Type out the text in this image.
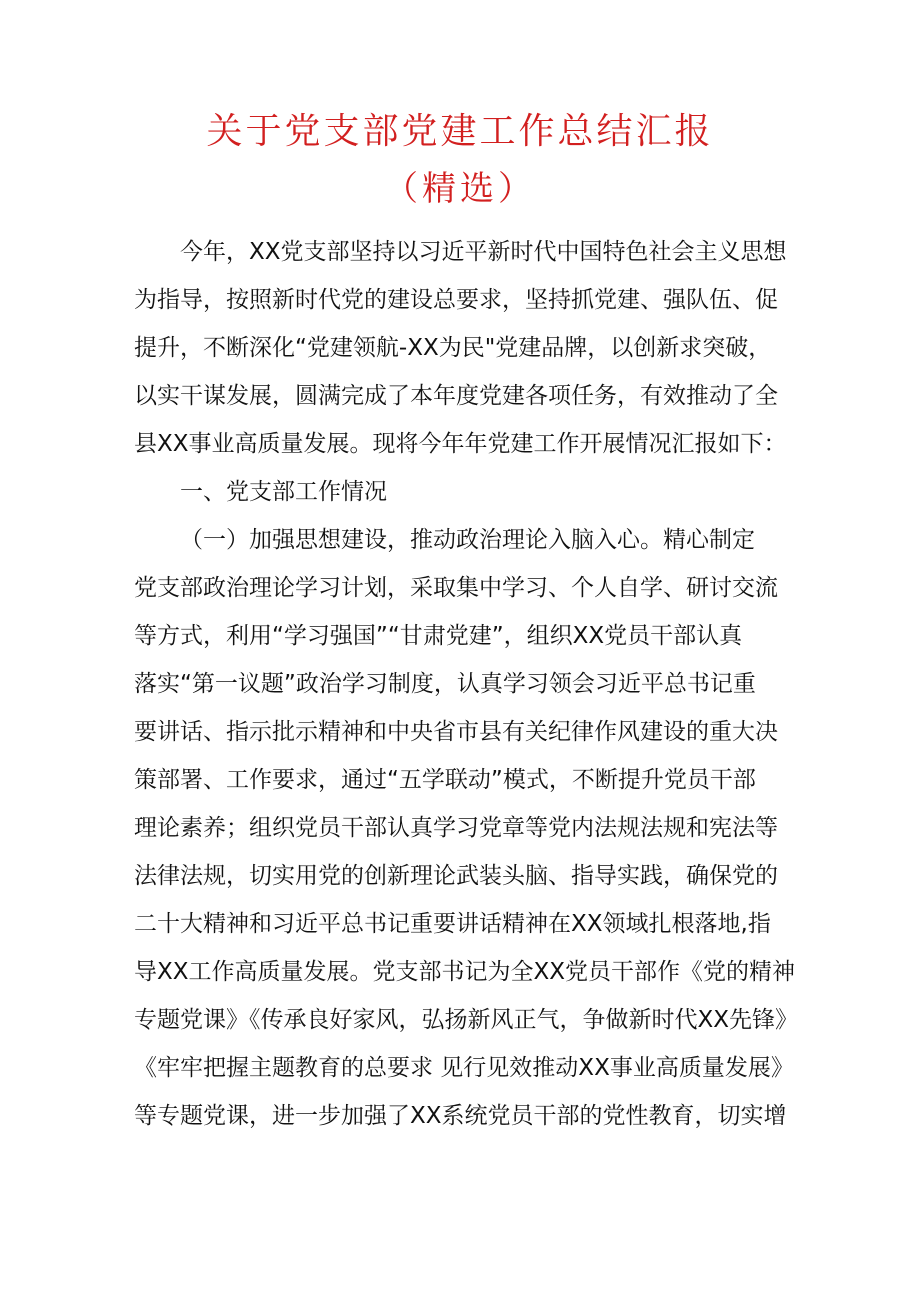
关于党支部党建工作总结汇报
（精选）
今年，XX党支部坚持以习近平新时代中国特色社会主义思想
为指导，按照新时代党的建设总要求，坚持抓党建、强队伍、促
提升，不断深化“党建领航-XX为民"党建品牌，以创新求突破，
以实干谋发展，圆满完成了本年度党建各项任务，有效推动了全
县XX事业高质量发展。现将今年年党建工作开展情况汇报如下：
一、党支部工作情况
（一）加强思想建设，推动政治理论入脑入心。精心制定
党支部政治理论学习计划，采取集中学习、个人自学、研讨交流
等方式，利用“学习强国”“甘肃党建”，组织XX党员干部认真
落实“第一议题”政治学习制度，认真学习领会习近平总书记重
要讲话、指示批示精神和中央省市县有关纪律作风建设的重大决
策部署、工作要求，通过“五学联动”模式，不断提升党员干部
理论素养；组织党员干部认真学习党章等党内法规法规和宪法等
法律法规，切实用党的创新理论武装头脑、指导实践，确保党的
二十大精神和习近平总书记重要讲话精神在XX领域扎根落地,指
导XX工作高质量发展。党支部书记为全XX党员干部作《党的精神
专题党课》《传承良好家风，弘扬新风正气，争做新时代XX先锋》
《牢牢把握主题教育的总要求 见行见效推动XX事业高质量发展》
等专题党课，进一步加强了XX系统党员干部的党性教育，切实增
